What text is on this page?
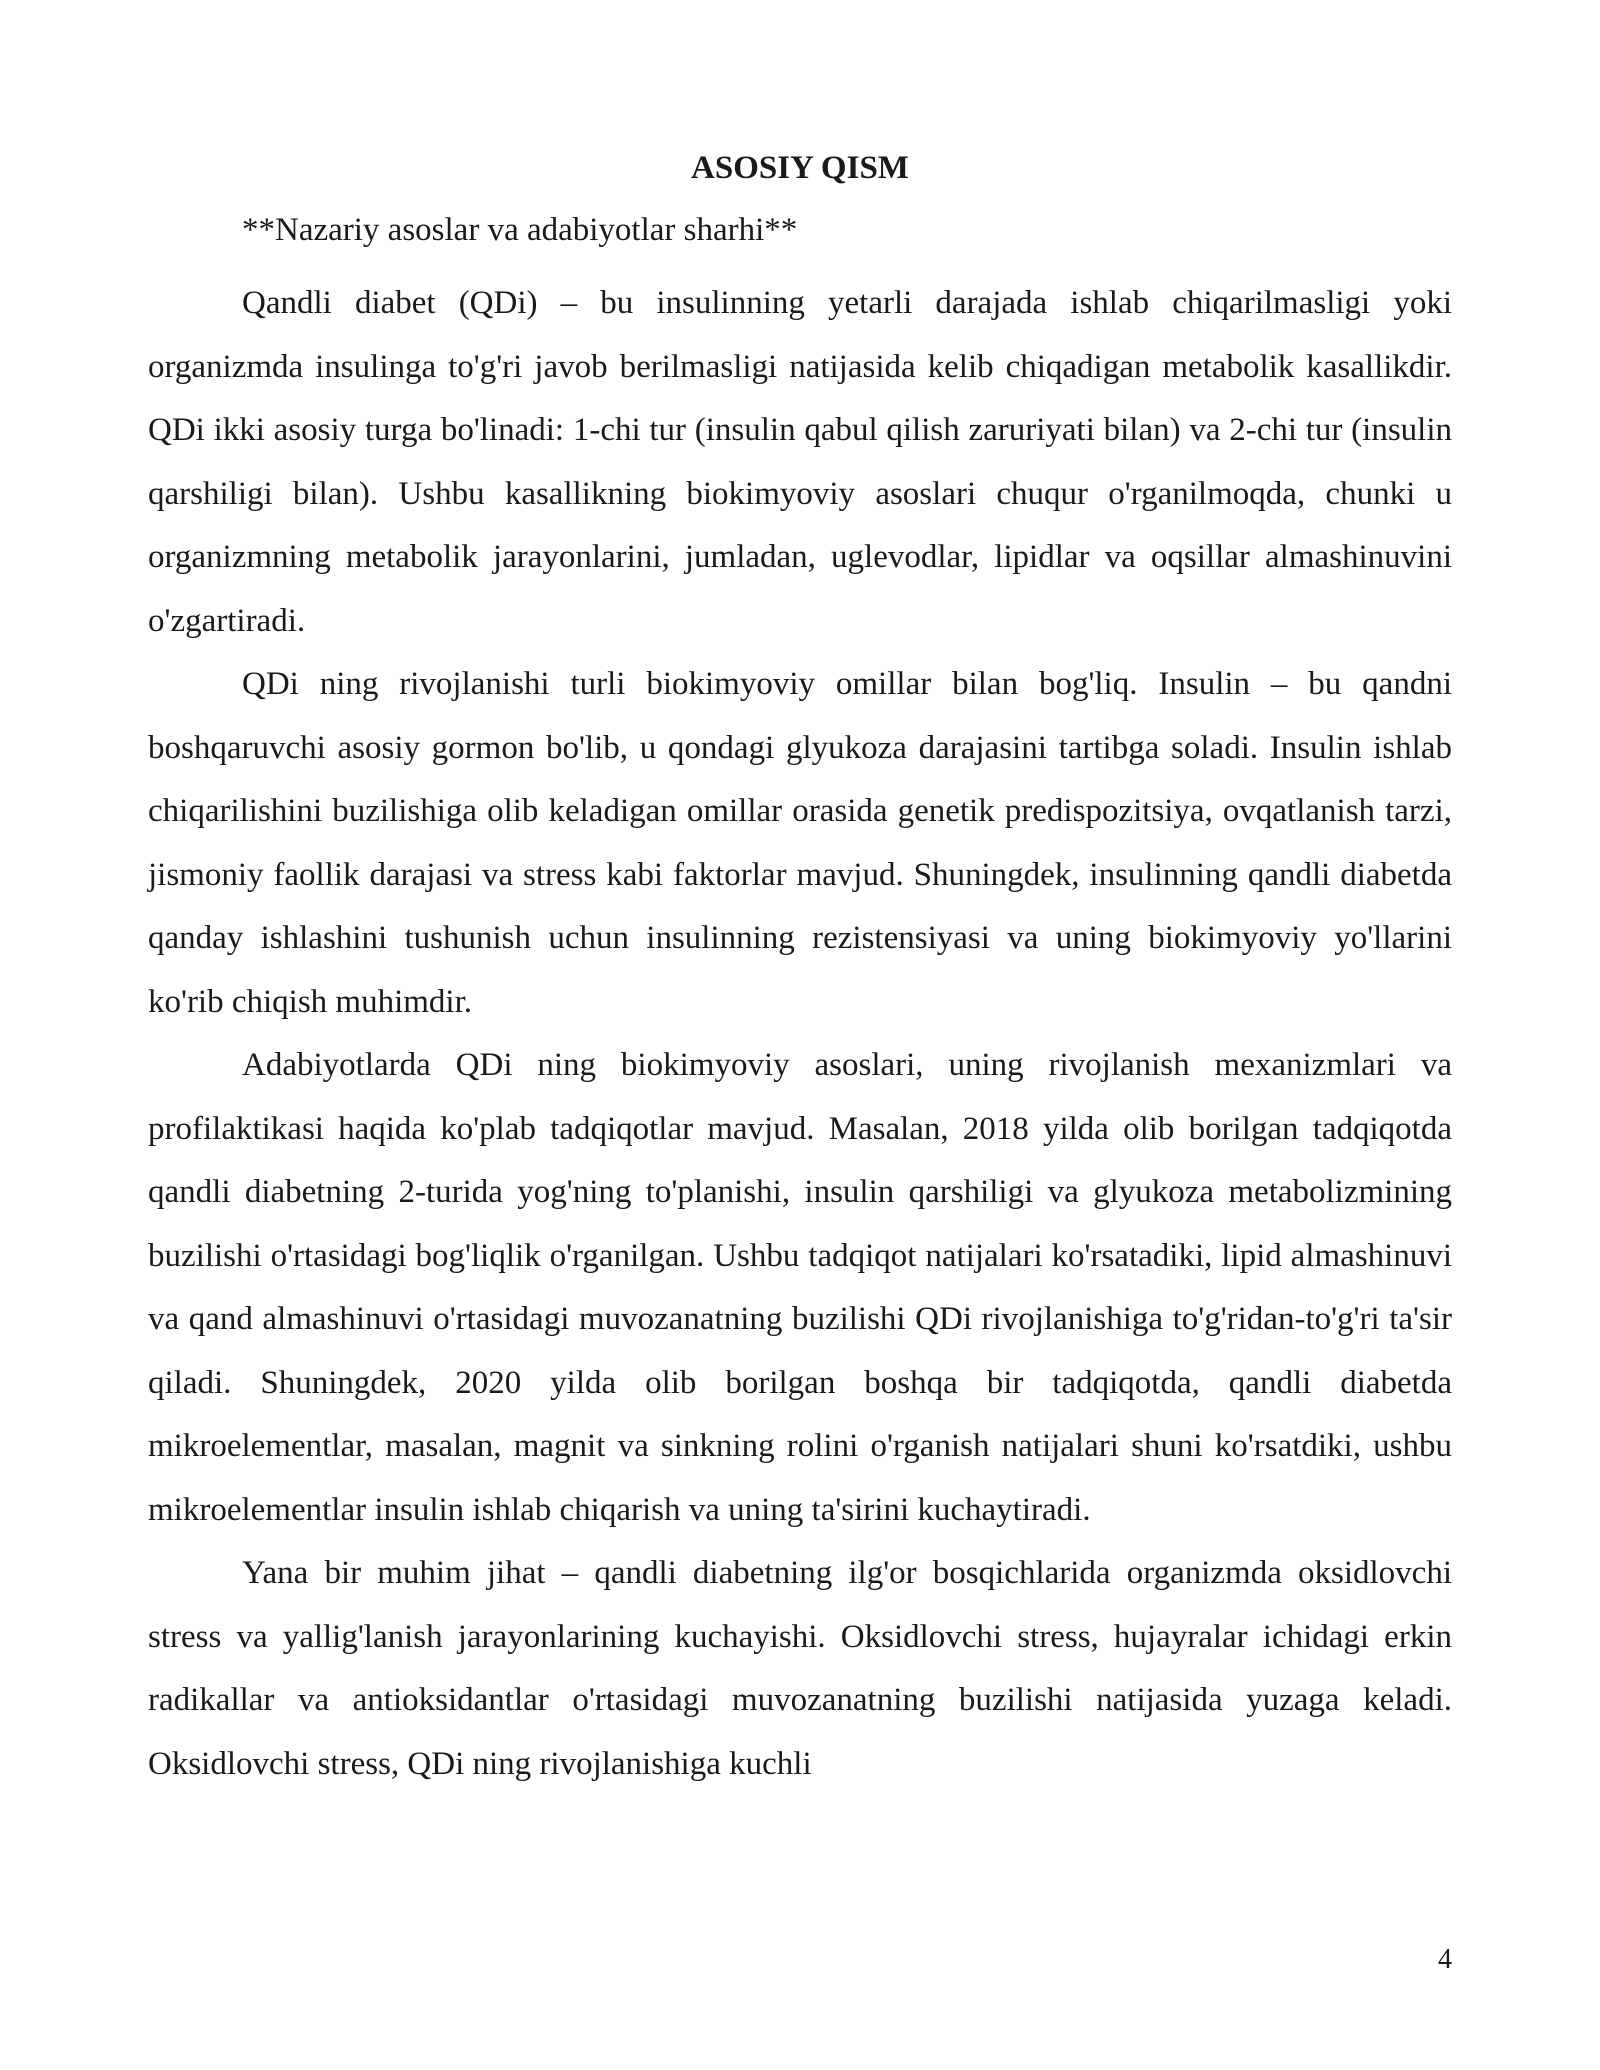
ASOSIY QISM

**Nazariy asoslar va adabiyotlar sharhi**

Qandli diabet (QDi) – bu insulinning yetarli darajada ishlab chiqarilmasligi yoki organizmda insulinga to'g'ri javob berilmasligi natijasida kelib chiqadigan metabolik kasallikdir. QDi ikki asosiy turga bo'linadi: 1-chi tur (insulin qabul qilish zaruriyati bilan) va 2-chi tur (insulin qarshiligi bilan). Ushbu kasallikning biokimyoviy asoslari chuqur o'rganilmoqda, chunki u organizmning metabolik jarayonlarini, jumladan, uglevodlar, lipidlar va oqsillar almashinuvini o'zgartiradi.

QDi ning rivojlanishi turli biokimyoviy omillar bilan bog'liq. Insulin – bu qandni boshqaruvchi asosiy gormon bo'lib, u qondagi glyukoza darajasini tartibga soladi. Insulin ishlab chiqarilishini buzilishiga olib keladigan omillar orasida genetik predispozitsiya, ovqatlanish tarzi, jismoniy faollik darajasi va stress kabi faktorlar mavjud. Shuningdek, insulinning qandli diabetda qanday ishlashini tushunish uchun insulinning rezistensiyasi va uning biokimyoviy yo'llarini ko'rib chiqish muhimdir.

Adabiyotlarda QDi ning biokimyoviy asoslari, uning rivojlanish mexanizmlari va profilaktikasi haqida ko'plab tadqiqotlar mavjud. Masalan, 2018 yilda olib borilgan tadqiqotda qandli diabetning 2-turida yog'ning to'planishi, insulin qarshiligi va glyukoza metabolizmining buzilishi o'rtasidagi bog'liqlik o'rganilgan. Ushbu tadqiqot natijalari ko'rsatadiki, lipid almashinuvi va qand almashinuvi o'rtasidagi muvozanatning buzilishi QDi rivojlanishiga to'g'ridan-to'g'ri ta'sir qiladi. Shuningdek, 2020 yilda olib borilgan boshqa bir tadqiqotda, qandli diabetda mikroelementlar, masalan, magnit va sinkning rolini o'rganish natijalari shuni ko'rsatdiki, ushbu mikroelementlar insulin ishlab chiqarish va uning ta'sirini kuchaytiradi.

Yana bir muhim jihat – qandli diabetning ilg'or bosqichlarida organizmda oksidlovchi stress va yallig'lanish jarayonlarining kuchayishi. Oksidlovchi stress, hujayralar ichidagi erkin radikallar va antioksidantlar o'rtasidagi muvozanatning buzilishi natijasida yuzaga keladi. Oksidlovchi stress, QDi ning rivojlanishiga kuchli

4
